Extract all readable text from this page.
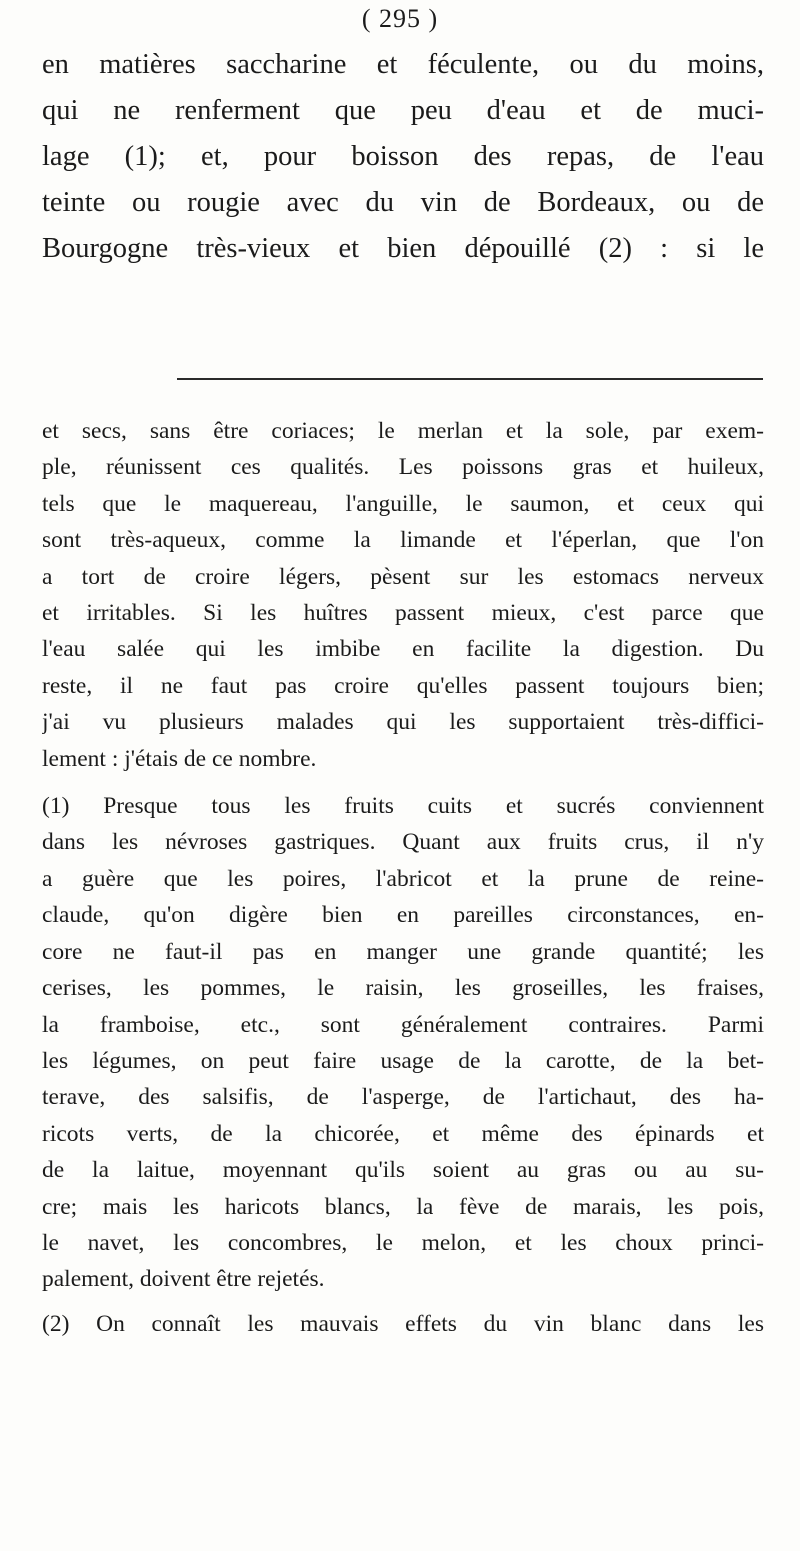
( 295 )
en matières saccharine et féculente, ou du moins,
qui ne renferment que peu d'eau et de muci-
lage (1); et, pour boisson des repas, de l'eau
teinte ou rougie avec du vin de Bordeaux, ou de
Bourgogne très-vieux et bien dépouillé (2) : si le
et secs, sans être coriaces; le merlan et la sole, par exem-
ple, réunissent ces qualités. Les poissons gras et huileux,
tels que le maquereau, l'anguille, le saumon, et ceux qui
sont très-aqueux, comme la limande et l'éperlan, que l'on
a tort de croire légers, pèsent sur les estomacs nerveux
et irritables. Si les huîtres passent mieux, c'est parce que
l'eau salée qui les imbibe en facilite la digestion. Du
reste, il ne faut pas croire qu'elles passent toujours bien;
j'ai vu plusieurs malades qui les supportaient très-diffici-
lement : j'étais de ce nombre.
(1) Presque tous les fruits cuits et sucrés conviennent
dans les névroses gastriques. Quant aux fruits crus, il n'y
a guère que les poires, l'abricot et la prune de reine-
claude, qu'on digère bien en pareilles circonstances, en-
core ne faut-il pas en manger une grande quantité; les
cerises, les pommes, le raisin, les groseilles, les fraises,
la framboise, etc., sont généralement contraires. Parmi
les légumes, on peut faire usage de la carotte, de la bet-
terave, des salsifis, de l'asperge, de l'artichaut, des ha-
ricots verts, de la chicorée, et même des épinards et
de la laitue, moyennant qu'ils soient au gras ou au su-
cre; mais les haricots blancs, la fève de marais, les pois,
le navet, les concombres, le melon, et les choux princi-
palement, doivent être rejetés.
(2) On connaît les mauvais effets du vin blanc dans les
